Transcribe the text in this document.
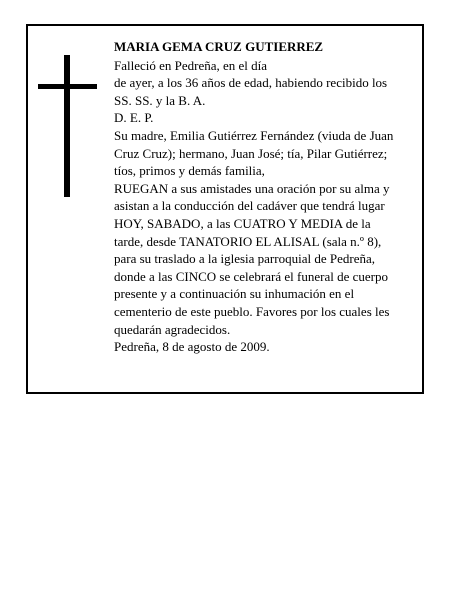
MARIA GEMA CRUZ GUTIERREZ
Falleció en Pedreña, en el día
de ayer, a los 36 años de edad, habiendo recibido los
SS. SS. y la B. A.
D. E. P.
Su madre, Emilia Gutiérrez Fernández (viuda de Juan
Cruz Cruz); hermano, Juan José; tía, Pilar Gutiérrez;
tíos, primos y demás familia,
RUEGAN a sus amistades una oración por su alma y
asistan a la conducción del cadáver que tendrá lugar
HOY, SABADO, a las CUATRO Y MEDIA de la
tarde, desde TANATORIO EL ALISAL (sala n.º 8),
para su traslado a la iglesia parroquial de Pedreña,
donde a las CINCO se celebrará el funeral de cuerpo
presente y a continuación su inhumación en el
cementerio de este pueblo. Favores por los cuales les
quedarán agradecidos.
Pedreña, 8 de agosto de 2009.
